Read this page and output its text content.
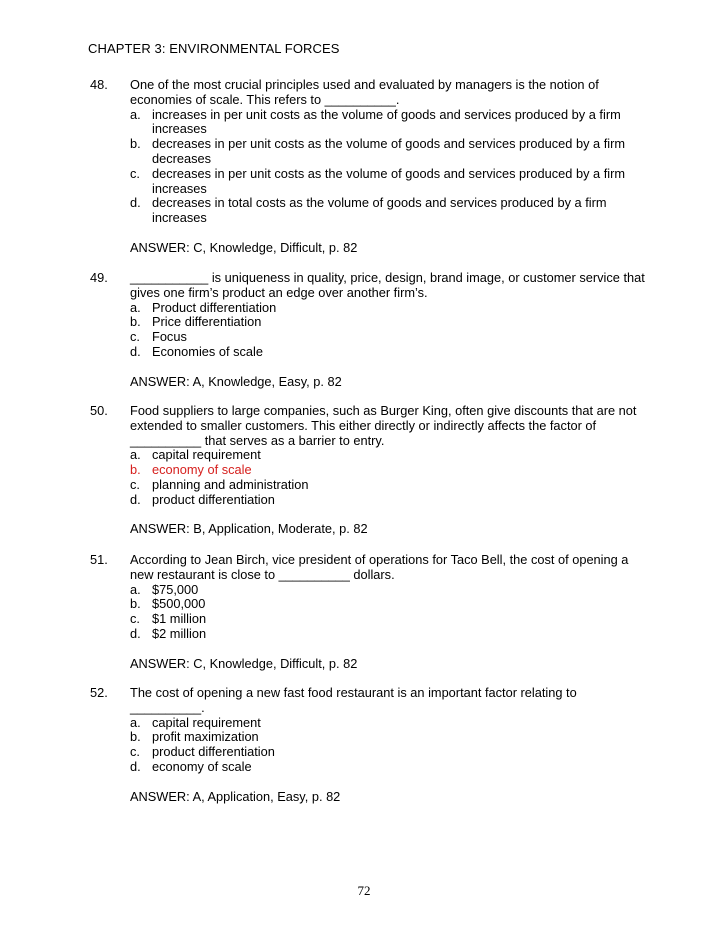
CHAPTER 3: ENVIRONMENTAL FORCES
48. One of the most crucial principles used and evaluated by managers is the notion of economies of scale. This refers to __________.

a. increases in per unit costs as the volume of goods and services produced by a firm increases
b. decreases in per unit costs as the volume of goods and services produced by a firm decreases
c. decreases in per unit costs as the volume of goods and services produced by a firm increases
d. decreases in total costs as the volume of goods and services produced by a firm increases
ANSWER: C, Knowledge, Difficult, p. 82
49. ___________ is uniqueness in quality, price, design, brand image, or customer service that gives one firm’s product an edge over another firm’s.

a. Product differentiation
b. Price differentiation
c. Focus
d. Economies of scale
ANSWER: A, Knowledge, Easy, p. 82
50. Food suppliers to large companies, such as Burger King, often give discounts that are not extended to smaller customers. This either directly or indirectly affects the factor of __________ that serves as a barrier to entry.

a. capital requirement
b. economy of scale
c. planning and administration
d. product differentiation
ANSWER: B, Application, Moderate, p. 82
51. According to Jean Birch, vice president of operations for Taco Bell, the cost of opening a new restaurant is close to __________ dollars.

a. $75,000
b. $500,000
c. $1 million
d. $2 million
ANSWER: C, Knowledge, Difficult, p. 82
52. The cost of opening a new fast food restaurant is an important factor relating to __________.

a. capital requirement
b. profit maximization
c. product differentiation
d. economy of scale
ANSWER: A, Application, Easy, p. 82
72
